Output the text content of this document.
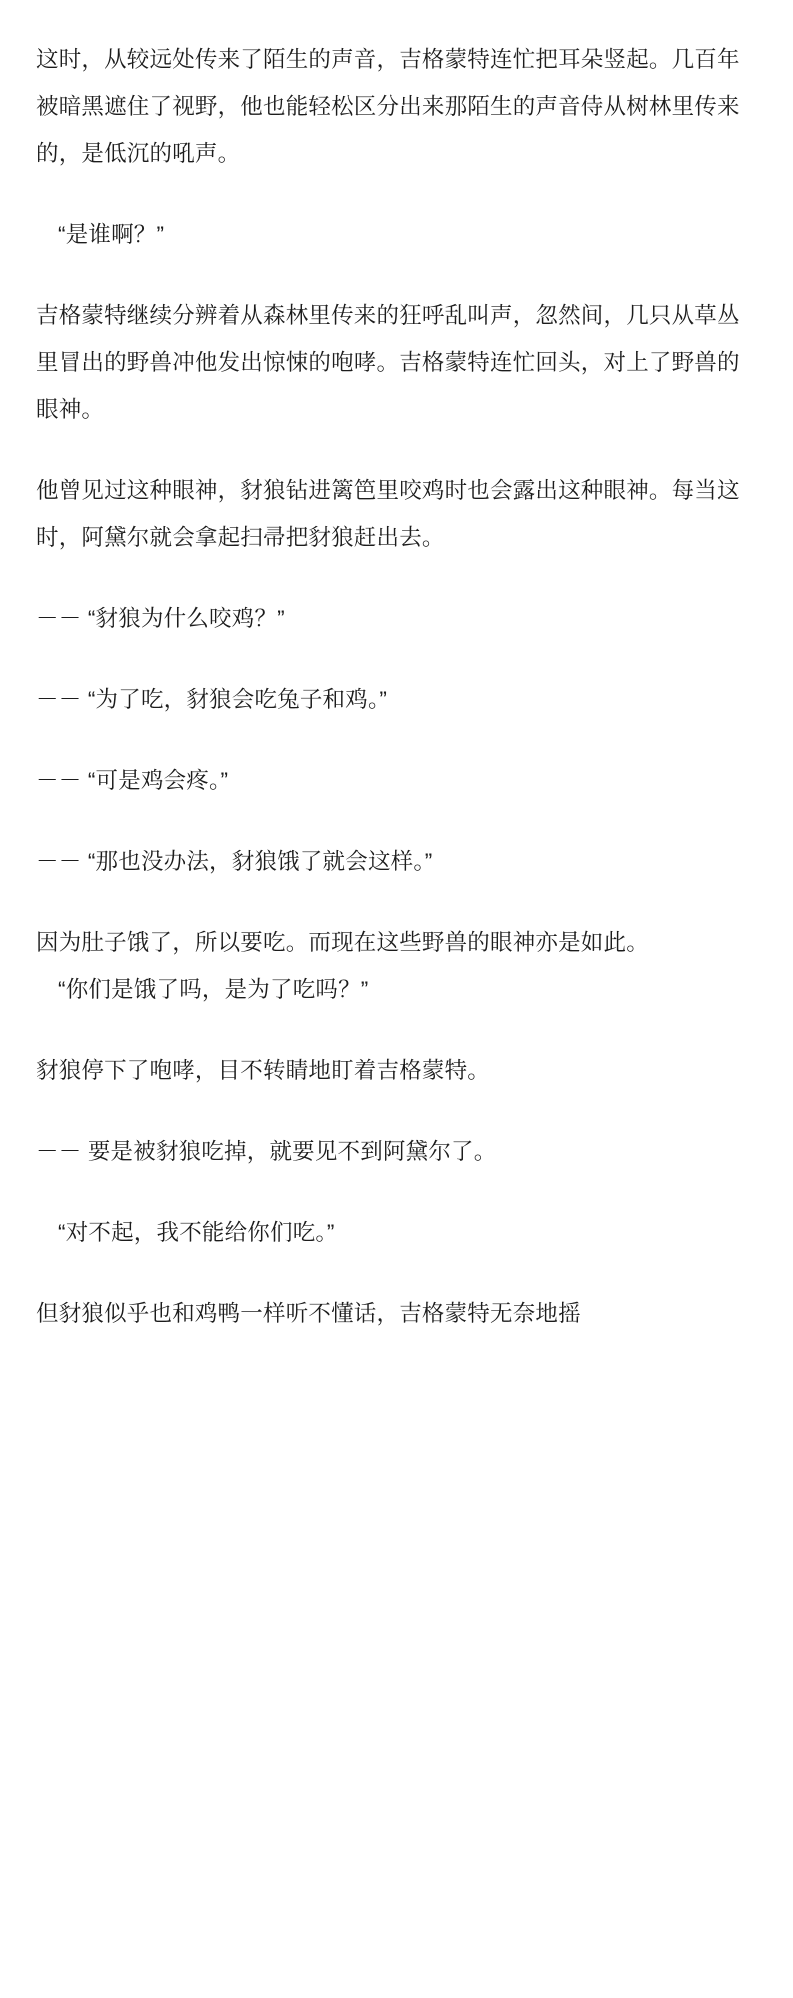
这时，从较远处传来了陌生的声音，吉格蒙特连忙把耳朵竖起。几百年被暗黑遮住了视野，他也能轻松区分出来那陌生的声音侍从树林里传来的，是低沉的吼声。

“是谁啊？”

吉格蒙特继续分辨着从森林里传来的狂呼乱叫声，忽然间，几只从草丛里冒出的野兽冲他发出惊悚的咆哮。吉格蒙特连忙回头，对上了野兽的眼神。

他曾见过这种眼神，豺狼钻进篱笆里咬鸡时也会露出这种眼神。每当这时，阿黛尔就会拿起扫帚把豺狼赶出去。

－－ “豺狼为什么咬鸡？”

－－ “为了吃，豺狼会吃兔子和鸡。”

－－ “可是鸡会疼。”

－－ “那也没办法，豺狼饿了就会这样。”

因为肚子饿了，所以要吃。而现在这些野兽的眼神亦是如此。

“你们是饿了吗，是为了吃吗？”

豺狼停下了咆哮，目不转睛地盯着吉格蒙特。

－－ 要是被豺狼吃掉，就要见不到阿黛尔了。

“对不起，我不能给你们吃。”

但豺狼似乎也和鸡鸭一样听不懂话，吉格蒙特无奈地摇
